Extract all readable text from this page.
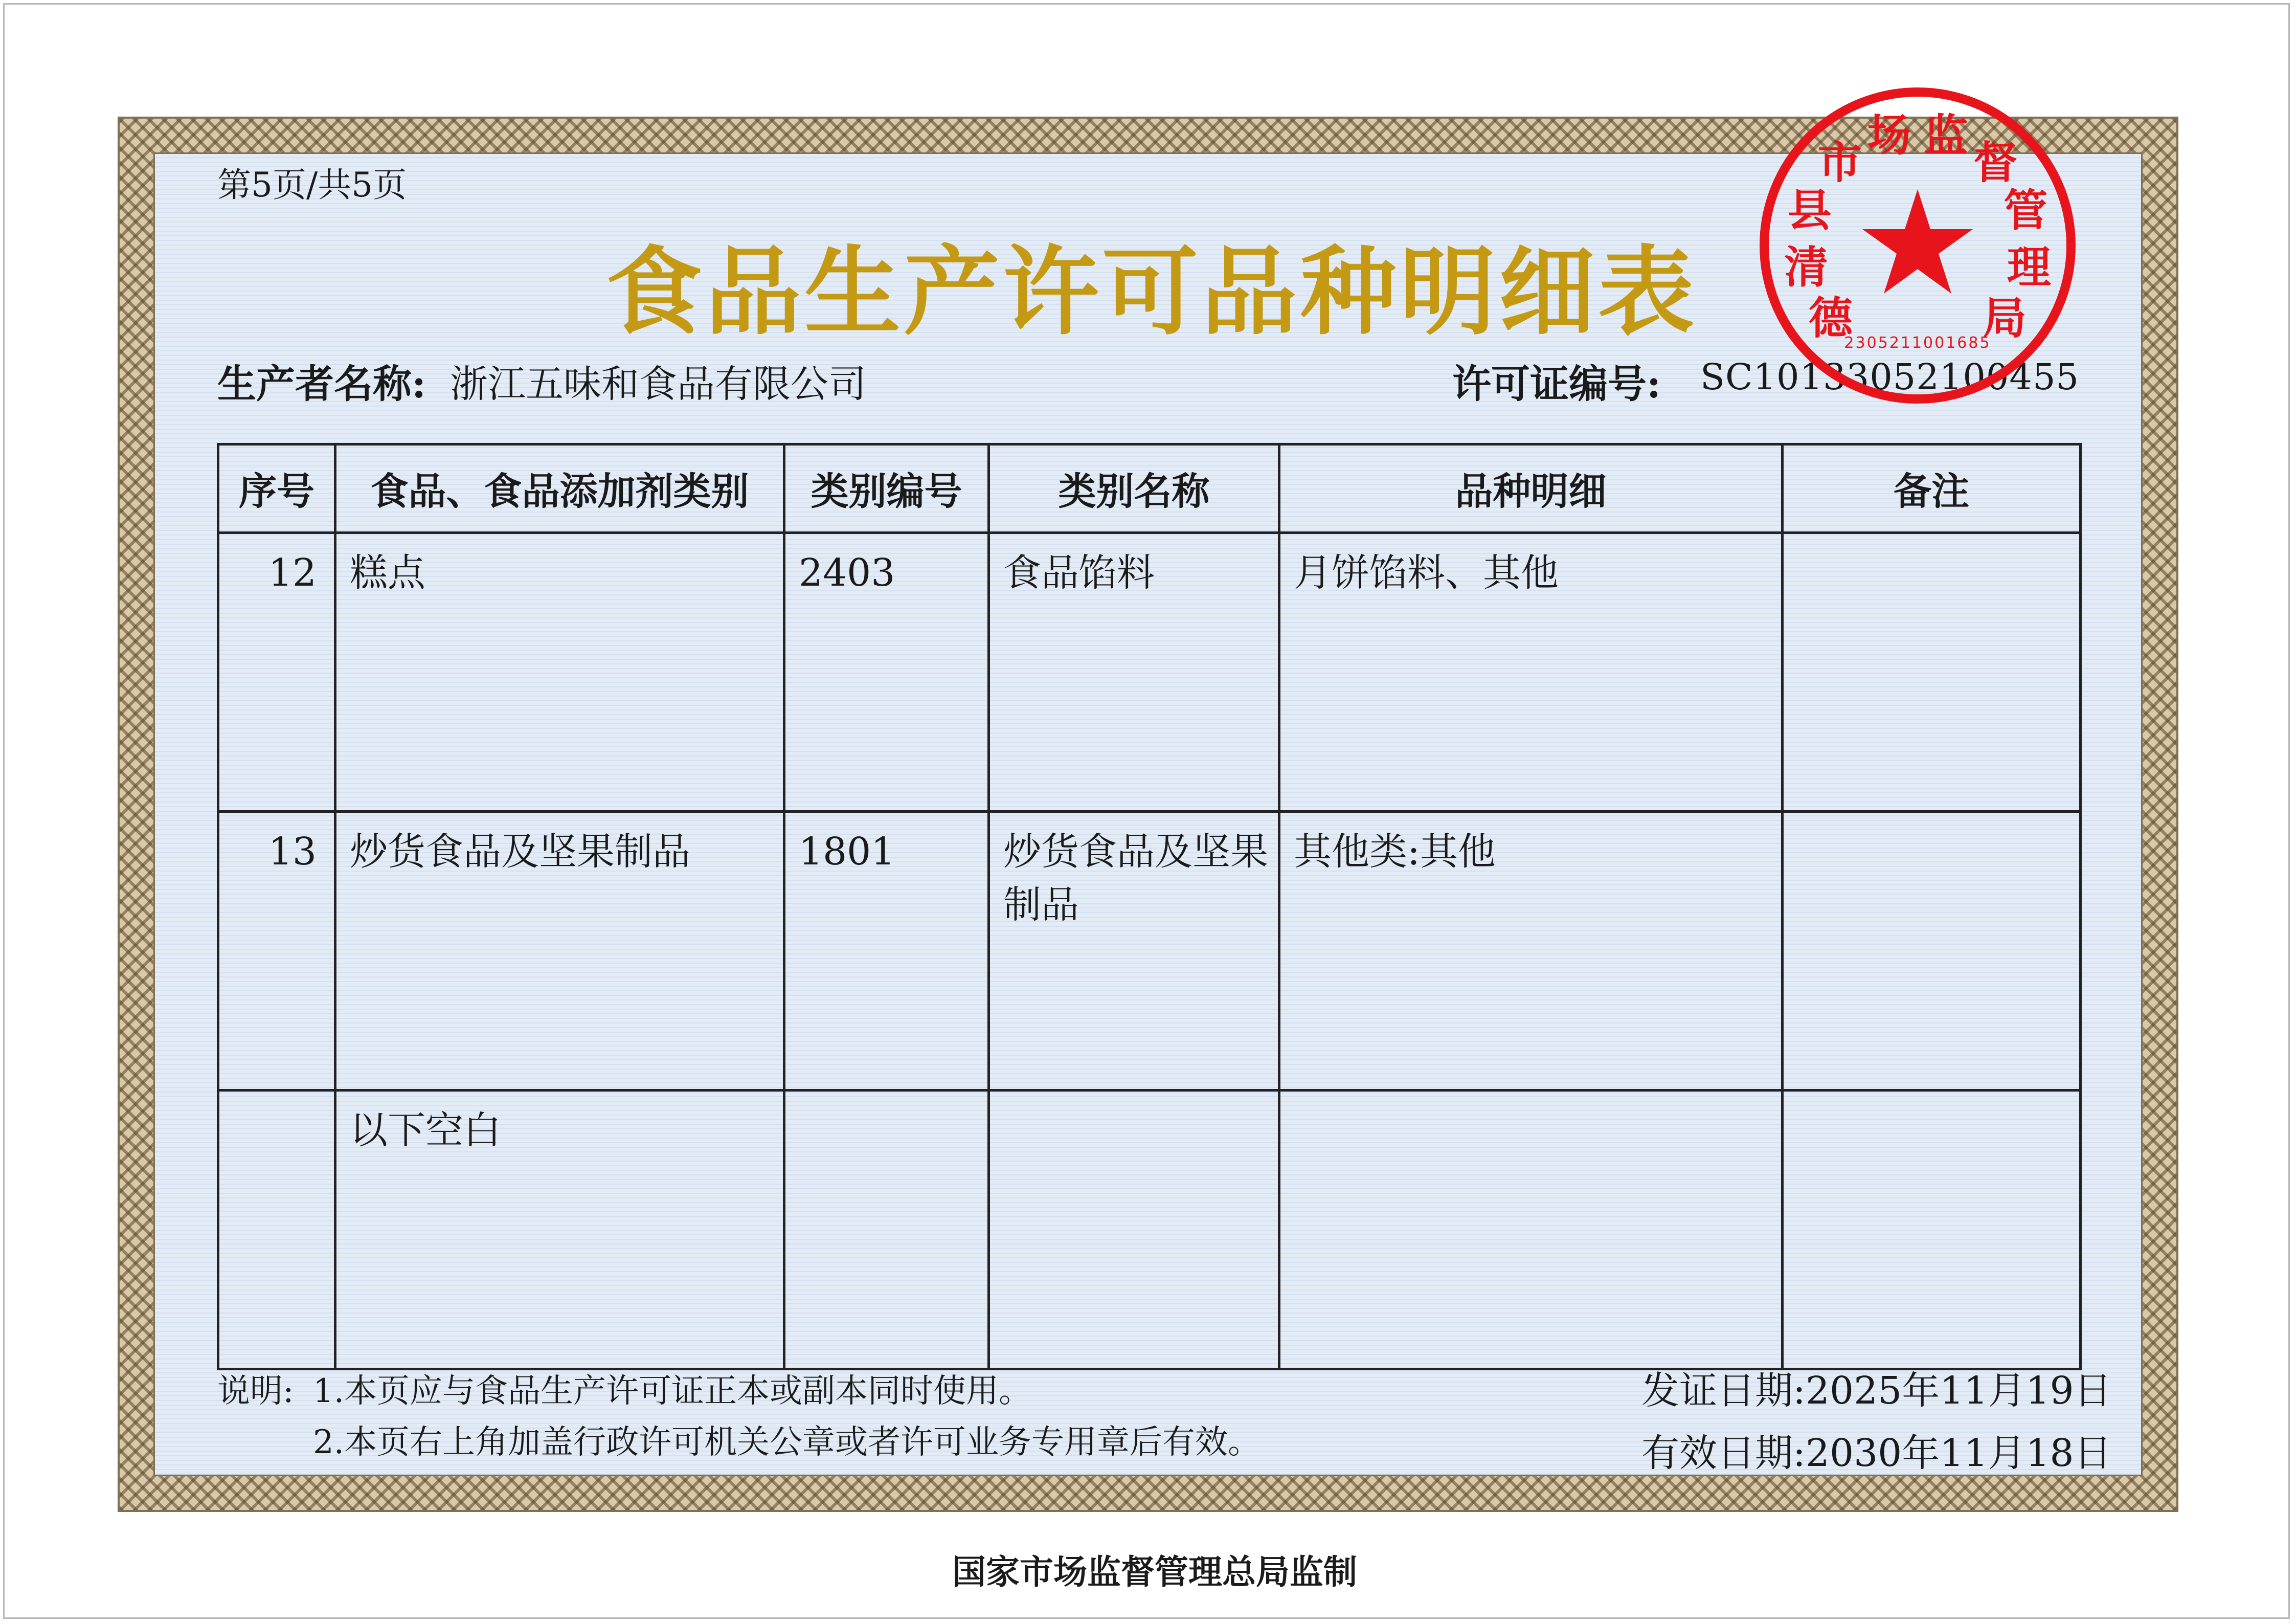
第5页/共5页
食品生产许可品种明细表
生产者名称: 浙江五味和食品有限公司	许可证编号: SC10133052100455
序号	食品、食品添加剂类别	类别编号	类别名称	品种明细	备注
12	糕点	2403	食品馅料	月饼馅料、其他	
13	炒货食品及坚果制品	1801	炒货食品及坚果制品	其他类:其他	
	以下空白				
说明: 1.本页应与食品生产许可证正本或副本同时使用。
2.本页右上角加盖行政许可机关公章或者许可业务专用章后有效。
发证日期:2025年11月19日
有效日期:2030年11月18日
国家市场监督管理总局监制
德清县市场 监督管理局
2305211001685
